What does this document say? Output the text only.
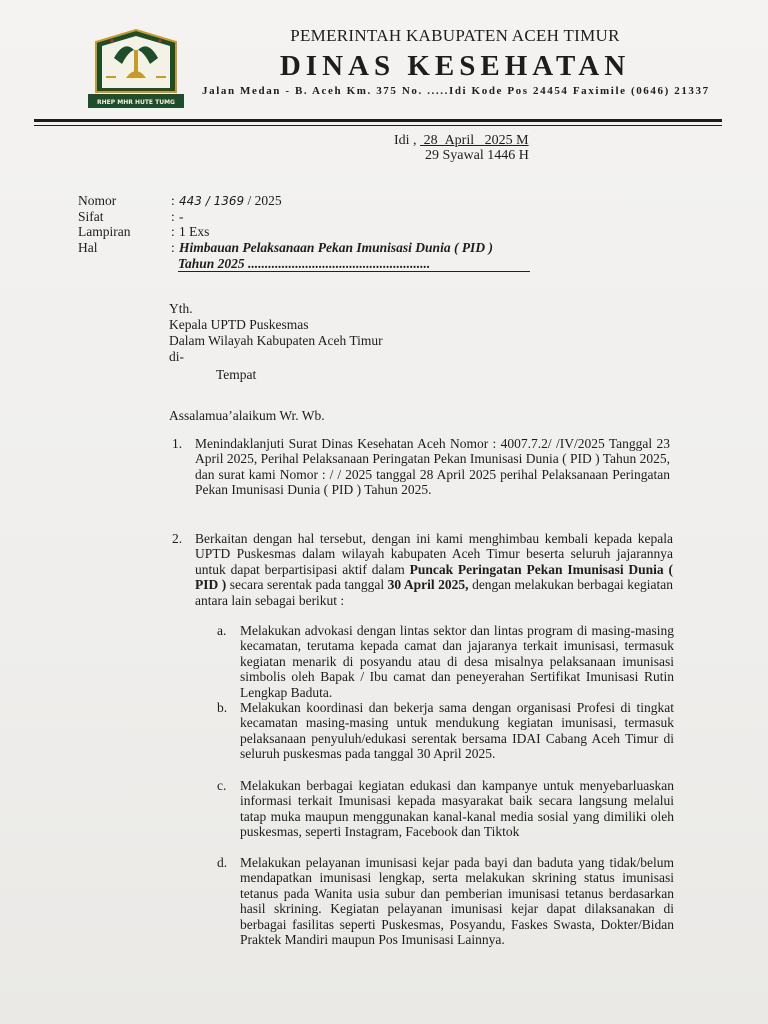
RHEP MHR HUTE TUMG
PEMERINTAH KABUPATEN ACEH TIMUR
DINAS KESEHATAN
Jalan Medan - B. Aceh Km. 375 No. .....Idi Kode Pos 24454 Faximile (0646) 21337
Idi , 28 April 2025 M
29 Syawal 1446 H
Nomor	: 443 / 1369 / 2025
Sifat	: -
Lampiran	: 1 Exs
Hal	: Himbauan Pelaksanaan Pekan Imunisasi Dunia ( PID )
Tahun 2025 ......................................................
Yth.
Kepala UPTD Puskesmas
Dalam Wilayah Kabupaten Aceh Timur
di-
Tempat
Assalamua’alaikum Wr. Wb.
1. Menindaklanjuti Surat Dinas Kesehatan Aceh Nomor : 4007.7.2/ /IV/2025 Tanggal 23 April 2025, Perihal Pelaksanaan Peringatan Pekan Imunisasi Dunia ( PID ) Tahun 2025, dan surat kami Nomor : / / 2025 tanggal 28 April 2025 perihal Pelaksanaan Peringatan Pekan Imunisasi Dunia ( PID ) Tahun 2025.
2. Berkaitan dengan hal tersebut, dengan ini kami menghimbau kembali kepada kepala UPTD Puskesmas dalam wilayah kabupaten Aceh Timur beserta seluruh jajarannya untuk dapat berpartisipasi aktif dalam Puncak Peringatan Pekan Imunisasi Dunia ( PID ) secara serentak pada tanggal 30 April 2025, dengan melakukan berbagai kegiatan antara lain sebagai berikut :
a. Melakukan advokasi dengan lintas sektor dan lintas program di masing-masing kecamatan, terutama kepada camat dan jajaranya terkait imunisasi, termasuk kegiatan menarik di posyandu atau di desa misalnya pelaksanaan imunisasi simbolis oleh Bapak / Ibu camat dan peneyerahan Sertifikat Imunisasi Rutin Lengkap Baduta.
b. Melakukan koordinasi dan bekerja sama dengan organisasi Profesi di tingkat kecamatan masing-masing untuk mendukung kegiatan imunisasi, termasuk pelaksanaan penyuluh/edukasi serentak bersama IDAI Cabang Aceh Timur di seluruh puskesmas pada tanggal 30 April 2025.
c. Melakukan berbagai kegiatan edukasi dan kampanye untuk menyebarluaskan informasi terkait Imunisasi kepada masyarakat baik secara langsung melalui tatap muka maupun menggunakan kanal-kanal media sosial yang dimiliki oleh puskesmas, seperti Instagram, Facebook dan Tiktok
d. Melakukan pelayanan imunisasi kejar pada bayi dan baduta yang tidak/belum mendapatkan imunisasi lengkap, serta melakukan skrining status imunisasi tetanus pada Wanita usia subur dan pemberian imunisasi tetanus berdasarkan hasil skrining. Kegiatan pelayanan imunisasi kejar dapat dilaksanakan di berbagai fasilitas seperti Puskesmas, Posyandu, Faskes Swasta, Dokter/Bidan Praktek Mandiri maupun Pos Imunisasi Lainnya.
